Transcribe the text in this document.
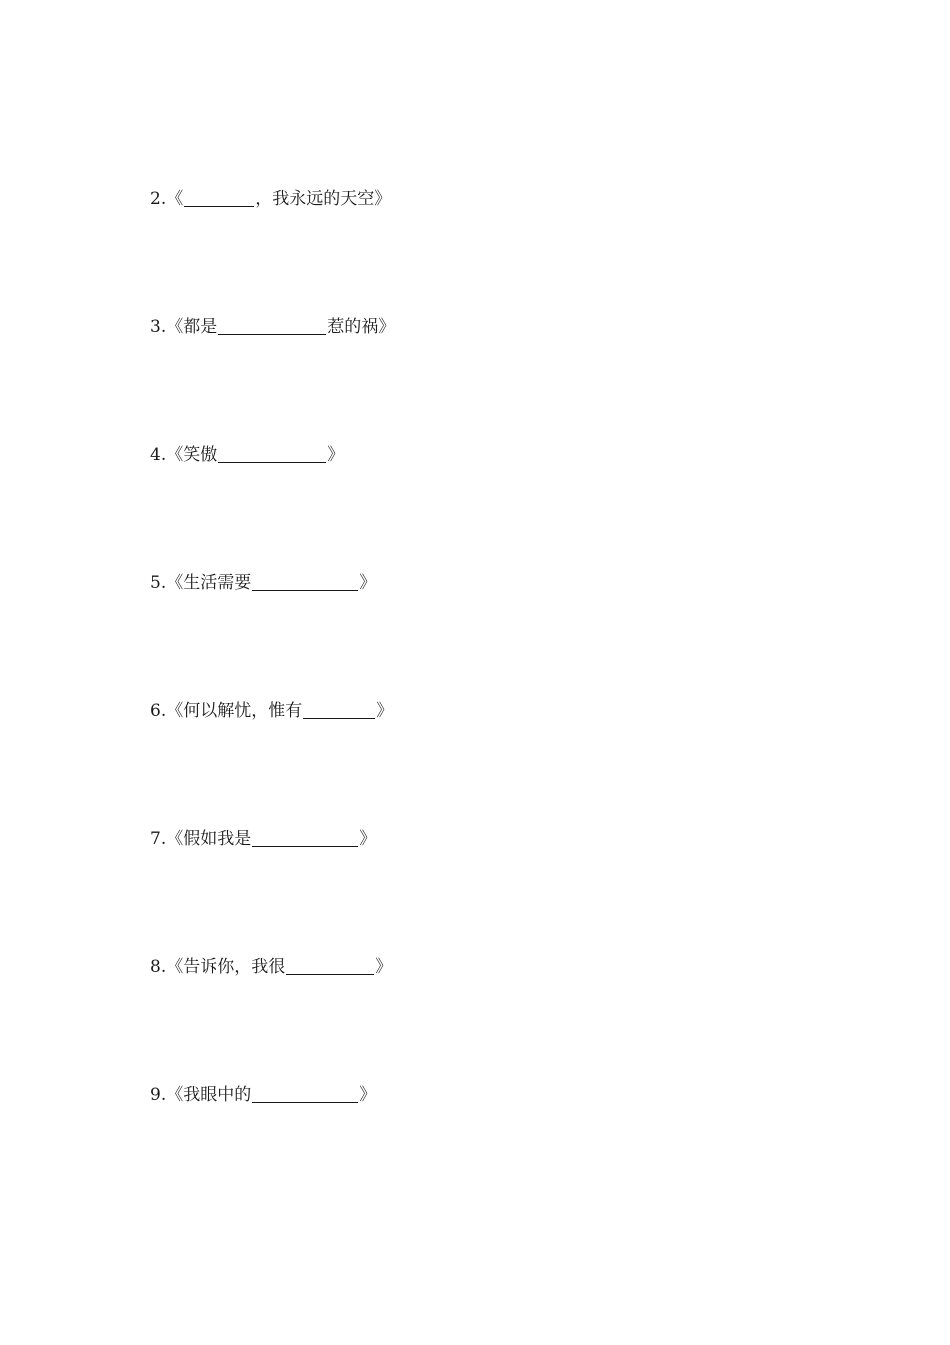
2. 《	，我永远的天空 》
3. 《 都是	惹的祸 》
4. 《 笑傲	》
5. 《 生活需要	》
6. 《 何以解忧，惟有	》
7. 《 假如我是	》
8. 《 告诉你，我很	》
9. 《 我眼中的	》
